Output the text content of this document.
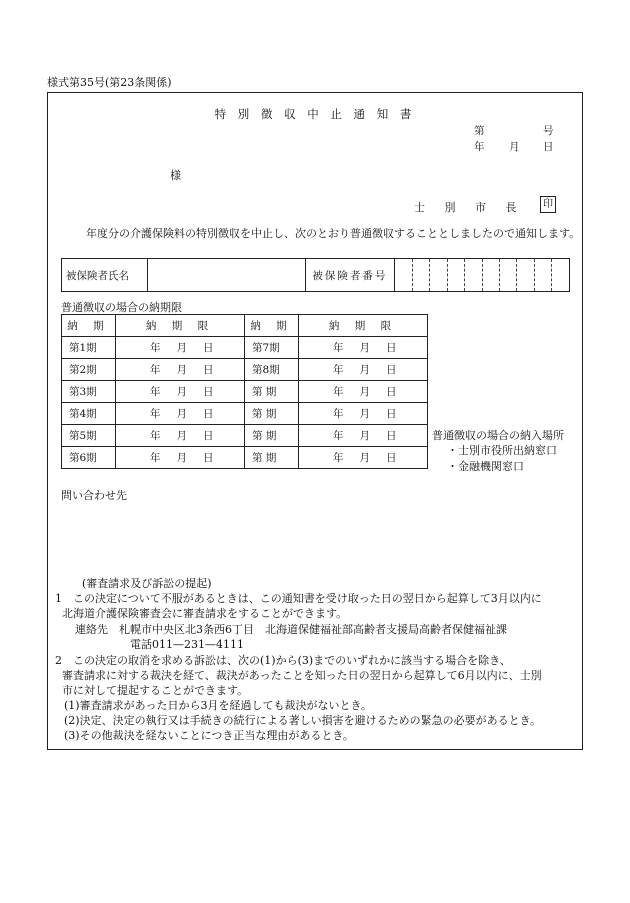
様式第35号(第23条関係)
特 別 徴 収 中 止 通 知 書
第	号
年 月 日
様
士 別 市 長	印
年度分の介護保険料の特別徴収を中止し、次のとおり普通徴収することとしましたので通知します。
被保険者氏名		被保険者番号										
普通徴収の場合の納期限
納 期	納 期 限	納 期	納 期 限
第1期	年 月 日	第7期	年 月 日
第2期	年 月 日	第8期	年 月 日
第3期	年 月 日	第 期	年 月 日
第4期	年 月 日	第 期	年 月 日
第5期	年 月 日	第 期	年 月 日
第6期	年 月 日	第 期	年 月 日
普通徴収の場合の納入場所
・士別市役所出納窓口
・金融機関窓口
問い合わせ先
(審査請求及び訴訟の提起)
1　この決定について不服があるときは、この通知書を受け取った日の翌日から起算して3月以内に
北海道介護保険審査会に審査請求をすることができます。
連絡先　札幌市中央区北3条西6丁目　北海道保健福祉部高齢者支援局高齢者保健福祉課
電話011—231—4111
2　この決定の取消を求める訴訟は、次の(1)から(3)までのいずれかに該当する場合を除き、
審査請求に対する裁決を経て、裁決があったことを知った日の翌日から起算して6月以内に、士別
市に対して提起することができます。
(1)審査請求があった日から3月を経過しても裁決がないとき。
(2)決定、決定の執行又は手続きの続行による著しい損害を避けるための緊急の必要があるとき。
(3)その他裁決を経ないことにつき正当な理由があるとき。
